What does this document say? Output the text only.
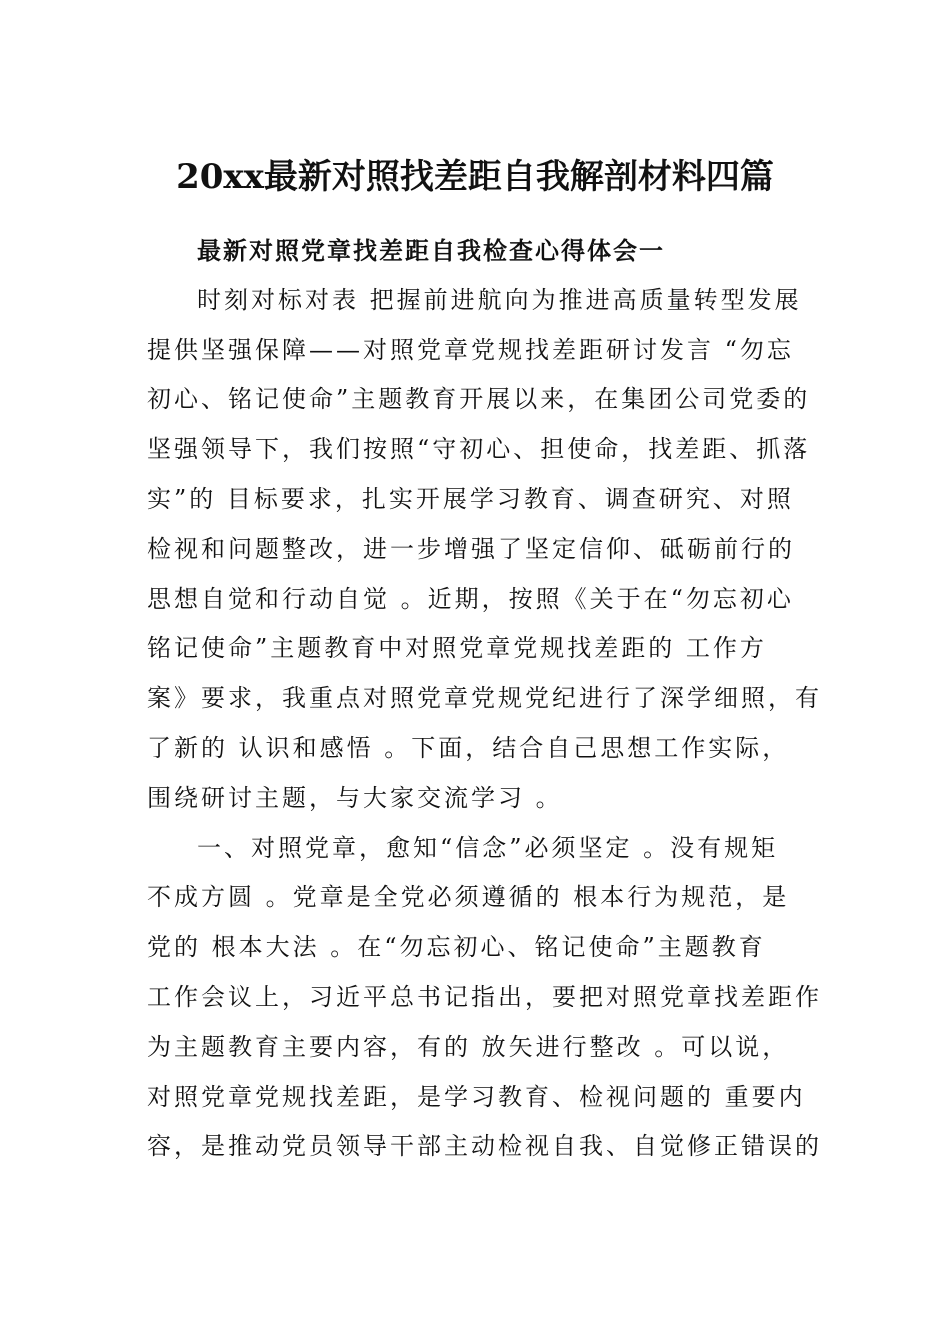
20xx最新对照找差距自我解剖材料四篇

最新对照党章找差距自我检查心得体会一

时刻对标对表 把握前进航向为推进高质量转型发展
提供坚强保障——对照党章党规找差距研讨发言 “勿忘
初心、铭记使命”主题教育开展以来，在集团公司党委的
坚强领导下，我们按照“守初心、担使命，找差距、抓落
实”的 目标要求，扎实开展学习教育、调查研究、对照
检视和问题整改，进一步增强了坚定信仰、砥砺前行的
思想自觉和行动自觉 。近期，按照《关于在“勿忘初心
铭记使命”主题教育中对照党章党规找差距的 工作方
案》要求，我重点对照党章党规党纪进行了深学细照，有
了新的 认识和感悟 。下面，结合自己思想工作实际，
围绕研讨主题，与大家交流学习 。

一、对照党章，愈知“信念”必须坚定 。没有规矩
不成方圆 。党章是全党必须遵循的 根本行为规范，是
党的 根本大法 。在“勿忘初心、铭记使命”主题教育
工作会议上，习近平总书记指出，要把对照党章找差距作
为主题教育主要内容，有的 放矢进行整改 。可以说，
对照党章党规找差距，是学习教育、检视问题的 重要内
容，是推动党员领导干部主动检视自我、自觉修正错误的
